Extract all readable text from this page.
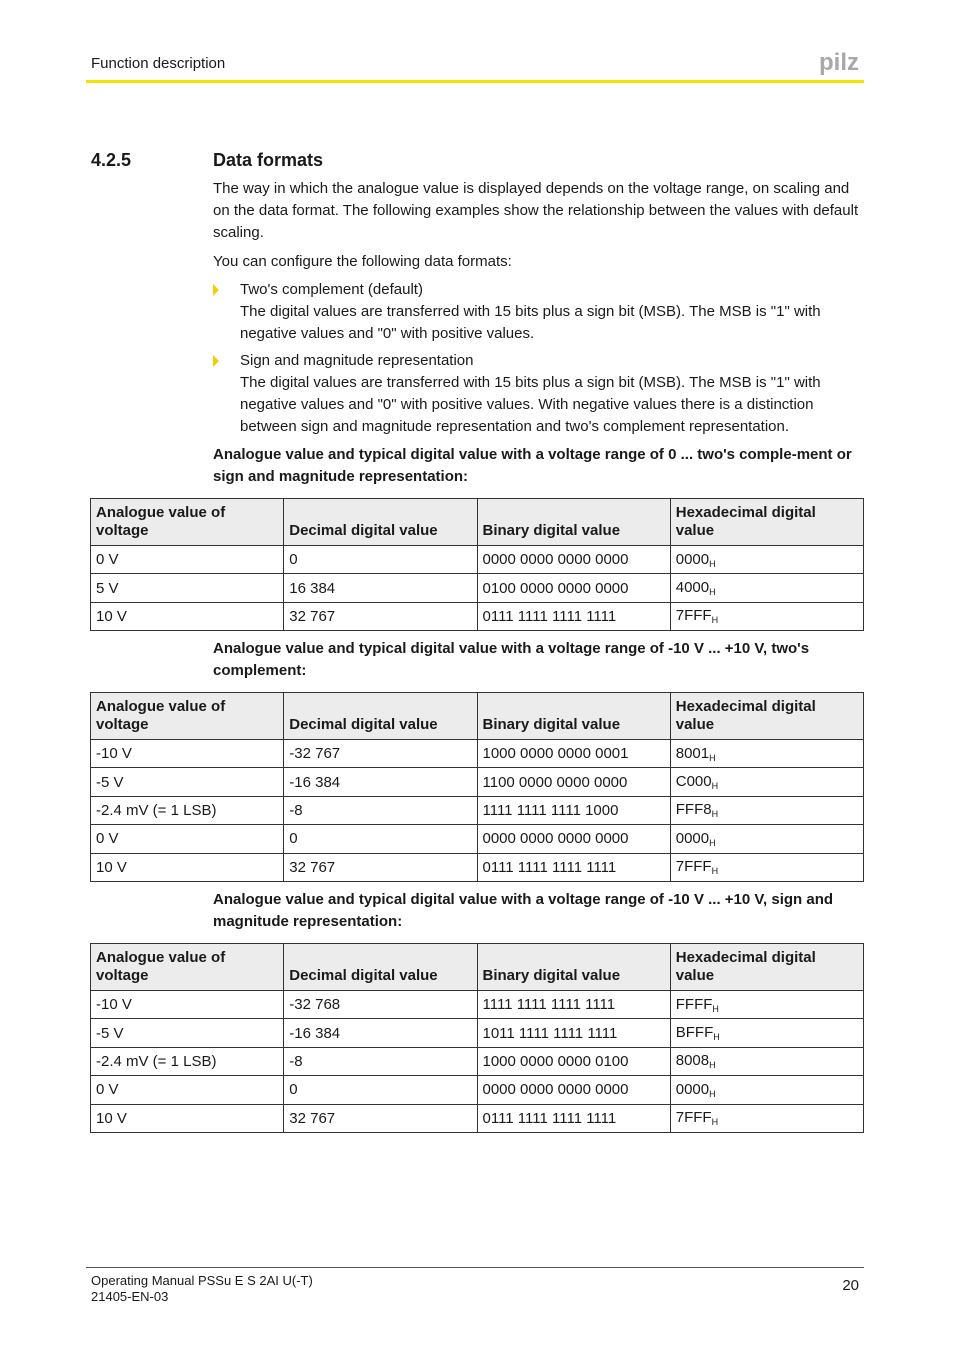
Function description	pilz
4.2.5	Data formats

The way in which the analogue value is displayed depends on the voltage range, on scaling and on the data format. The following examples show the relationship between the values with default scaling.

You can configure the following data formats:

Two's complement (default)
The digital values are transferred with 15 bits plus a sign bit (MSB). The MSB is "1" with negative values and "0" with positive values.
Sign and magnitude representation
The digital values are transferred with 15 bits plus a sign bit (MSB). The MSB is "1" with negative values and "0" with positive values. With negative values there is a distinction between sign and magnitude representation and two's complement representation.

Analogue value and typical digital value with a voltage range of 0 ... two's comple-ment or sign and magnitude representation:

Analogue value of voltage	Decimal digital value	Binary digital value	Hexadecimal digital value
0 V	0	0000 0000 0000 0000	$0000_H$
5 V	16 384	0100 0000 0000 0000	$4000_H$
10 V	32 767	0111 1111 1111 1111	$7FFF_H$

Analogue value and typical digital value with a voltage range of -10 V ... +10 V, two's complement:

Analogue value of voltage	Decimal digital value	Binary digital value	Hexadecimal digital value
-10 V	-32 767	1000 0000 0000 0001	$8001_H$
-5 V	-16 384	1100 0000 0000 0000	$C000_H$
-2.4 mV (= 1 LSB)	-8	1111 1111 1111 1000	$FFF8_H$
0 V	0	0000 0000 0000 0000	$0000_H$
10 V	32 767	0111 1111 1111 1111	$7FFF_H$

Analogue value and typical digital value with a voltage range of -10 V ... +10 V, sign and magnitude representation:

Analogue value of voltage	Decimal digital value	Binary digital value	Hexadecimal digital value
-10 V	-32 768	1111 1111 1111 1111	$FFFF_H$
-5 V	-16 384	1011 1111 1111 1111	$BFFF_H$
-2.4 mV (= 1 LSB)	-8	1000 0000 0000 0100	$8008_H$
0 V	0	0000 0000 0000 0000	$0000_H$
10 V	32 767	0111 1111 1111 1111	$7FFF_H$
Operating Manual PSSu E S 2AI U(-T)
21405-EN-03
20
